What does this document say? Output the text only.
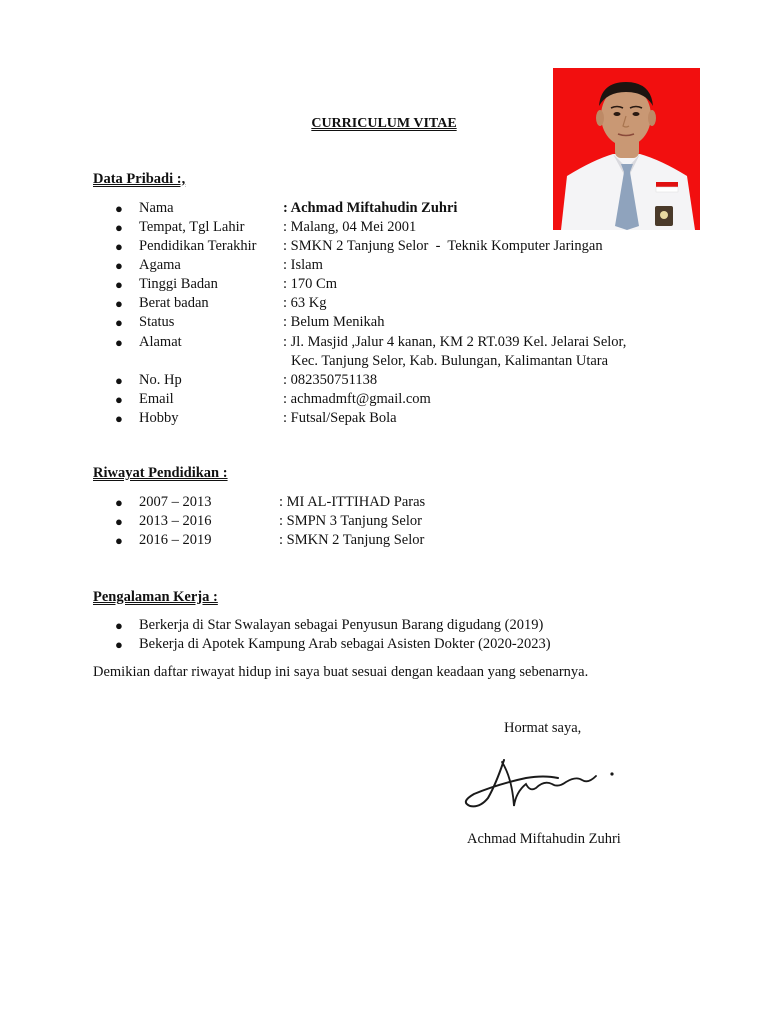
CURRICULUM VITAE
Data Pribadi :,
● Nama	: Achmad Miftahudin Zuhri
● Tempat, Tgl Lahir	: Malang, 04 Mei 2001
● Pendidikan Terakhir : SMKN 2 Tanjung Selor  -  Teknik Komputer Jaringan
● Agama	: Islam
● Tinggi Badan	: 170 Cm
● Berat badan	: 63 Kg
● Status	: Belum Menikah
● Alamat	: Jl. Masjid ,Jalur 4 kanan, KM 2 RT.039 Kel. Jelarai Selor,
Kec. Tanjung Selor, Kab. Bulungan, Kalimantan Utara
● No. Hp	: 082350751138
● Email	: achmadmft@gmail.com
● Hobby	: Futsal/Sepak Bola
Riwayat Pendidikan :
● 2007 – 2013	: MI AL-ITTIHAD Paras
● 2013 – 2016	: SMPN 3 Tanjung Selor
● 2016 – 2019	: SMKN 2 Tanjung Selor
Pengalaman Kerja :
● Berkerja di Star Swalayan sebagai Penyusun Barang digudang (2019)
● Bekerja di Apotek Kampung Arab sebagai Asisten Dokter (2020-2023)
Demikian daftar riwayat hidup ini saya buat sesuai dengan keadaan yang sebenarnya.
Hormat saya,
Achmad Miftahudin Zuhri
